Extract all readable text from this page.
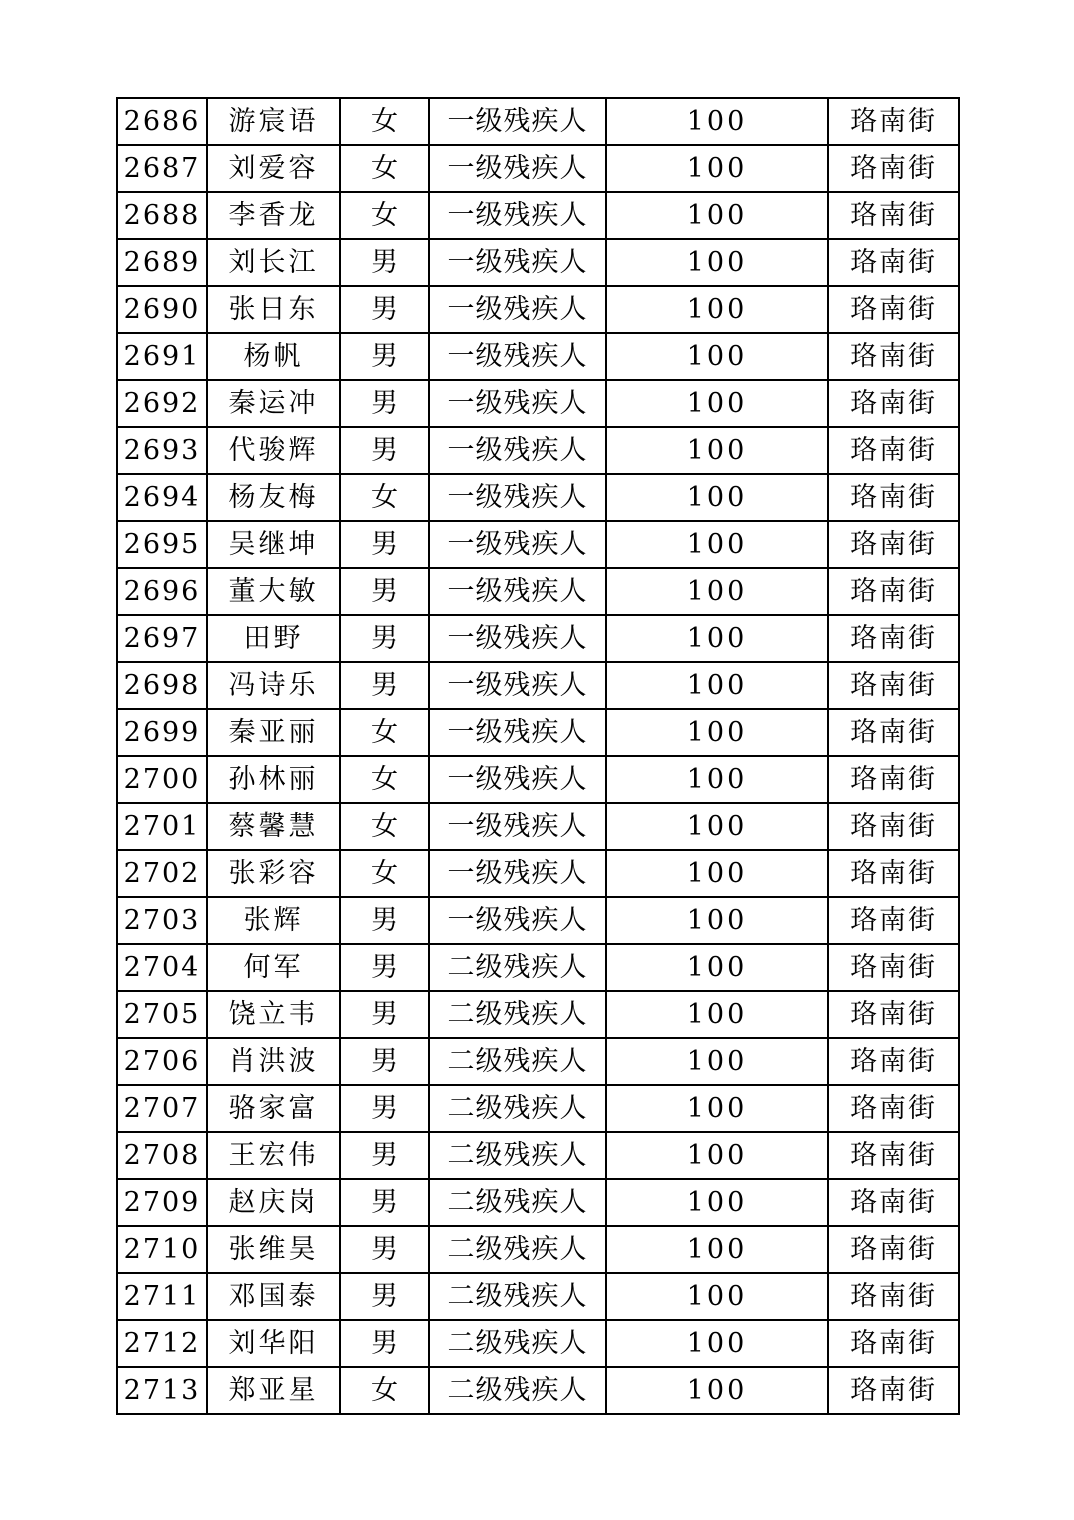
2686	游宸语	女	一级残疾人	100	珞南街
2687	刘爱容	女	一级残疾人	100	珞南街
2688	李香龙	女	一级残疾人	100	珞南街
2689	刘长江	男	一级残疾人	100	珞南街
2690	张日东	男	一级残疾人	100	珞南街
2691	杨帆	男	一级残疾人	100	珞南街
2692	秦运冲	男	一级残疾人	100	珞南街
2693	代骏辉	男	一级残疾人	100	珞南街
2694	杨友梅	女	一级残疾人	100	珞南街
2695	吴继坤	男	一级残疾人	100	珞南街
2696	董大敏	男	一级残疾人	100	珞南街
2697	田野	男	一级残疾人	100	珞南街
2698	冯诗乐	男	一级残疾人	100	珞南街
2699	秦亚丽	女	一级残疾人	100	珞南街
2700	孙林丽	女	一级残疾人	100	珞南街
2701	蔡馨慧	女	一级残疾人	100	珞南街
2702	张彩容	女	一级残疾人	100	珞南街
2703	张辉	男	一级残疾人	100	珞南街
2704	何军	男	二级残疾人	100	珞南街
2705	饶立韦	男	二级残疾人	100	珞南街
2706	肖洪波	男	二级残疾人	100	珞南街
2707	骆家富	男	二级残疾人	100	珞南街
2708	王宏伟	男	二级残疾人	100	珞南街
2709	赵庆岗	男	二级残疾人	100	珞南街
2710	张维昊	男	二级残疾人	100	珞南街
2711	邓国泰	男	二级残疾人	100	珞南街
2712	刘华阳	男	二级残疾人	100	珞南街
2713	郑亚星	女	二级残疾人	100	珞南街
